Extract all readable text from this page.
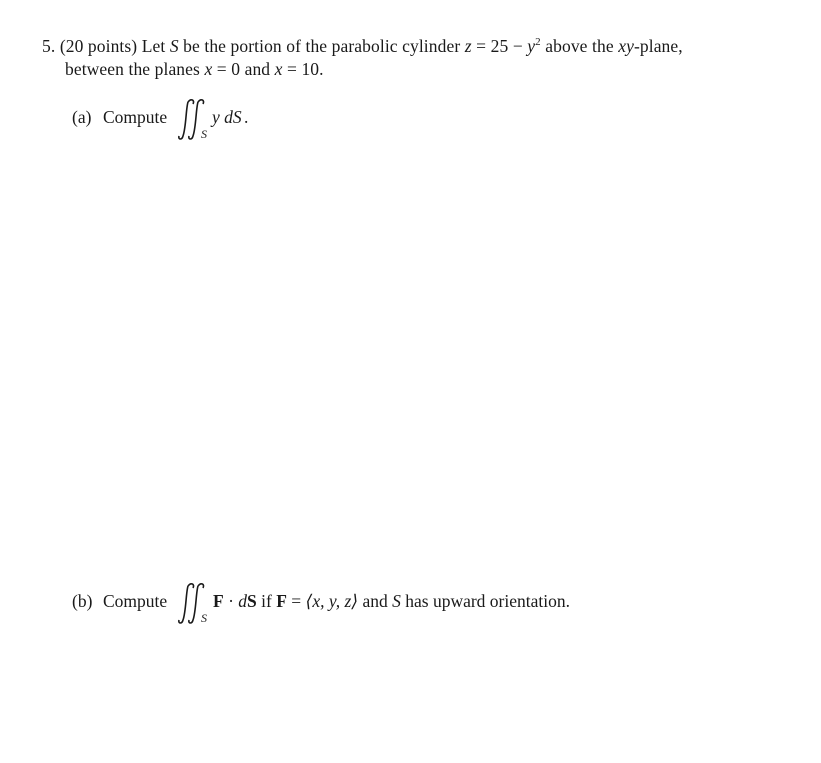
5. (20 points) Let S be the portion of the parabolic cylinder $z = 25 - y^2$ above the xy-plane,
between the planes x = 0 and x = 10.
(a) Compute
S
y dS .
(b) Compute
S
F · dS if F = ⟨x, y, z⟩ and S has upward orientation.
